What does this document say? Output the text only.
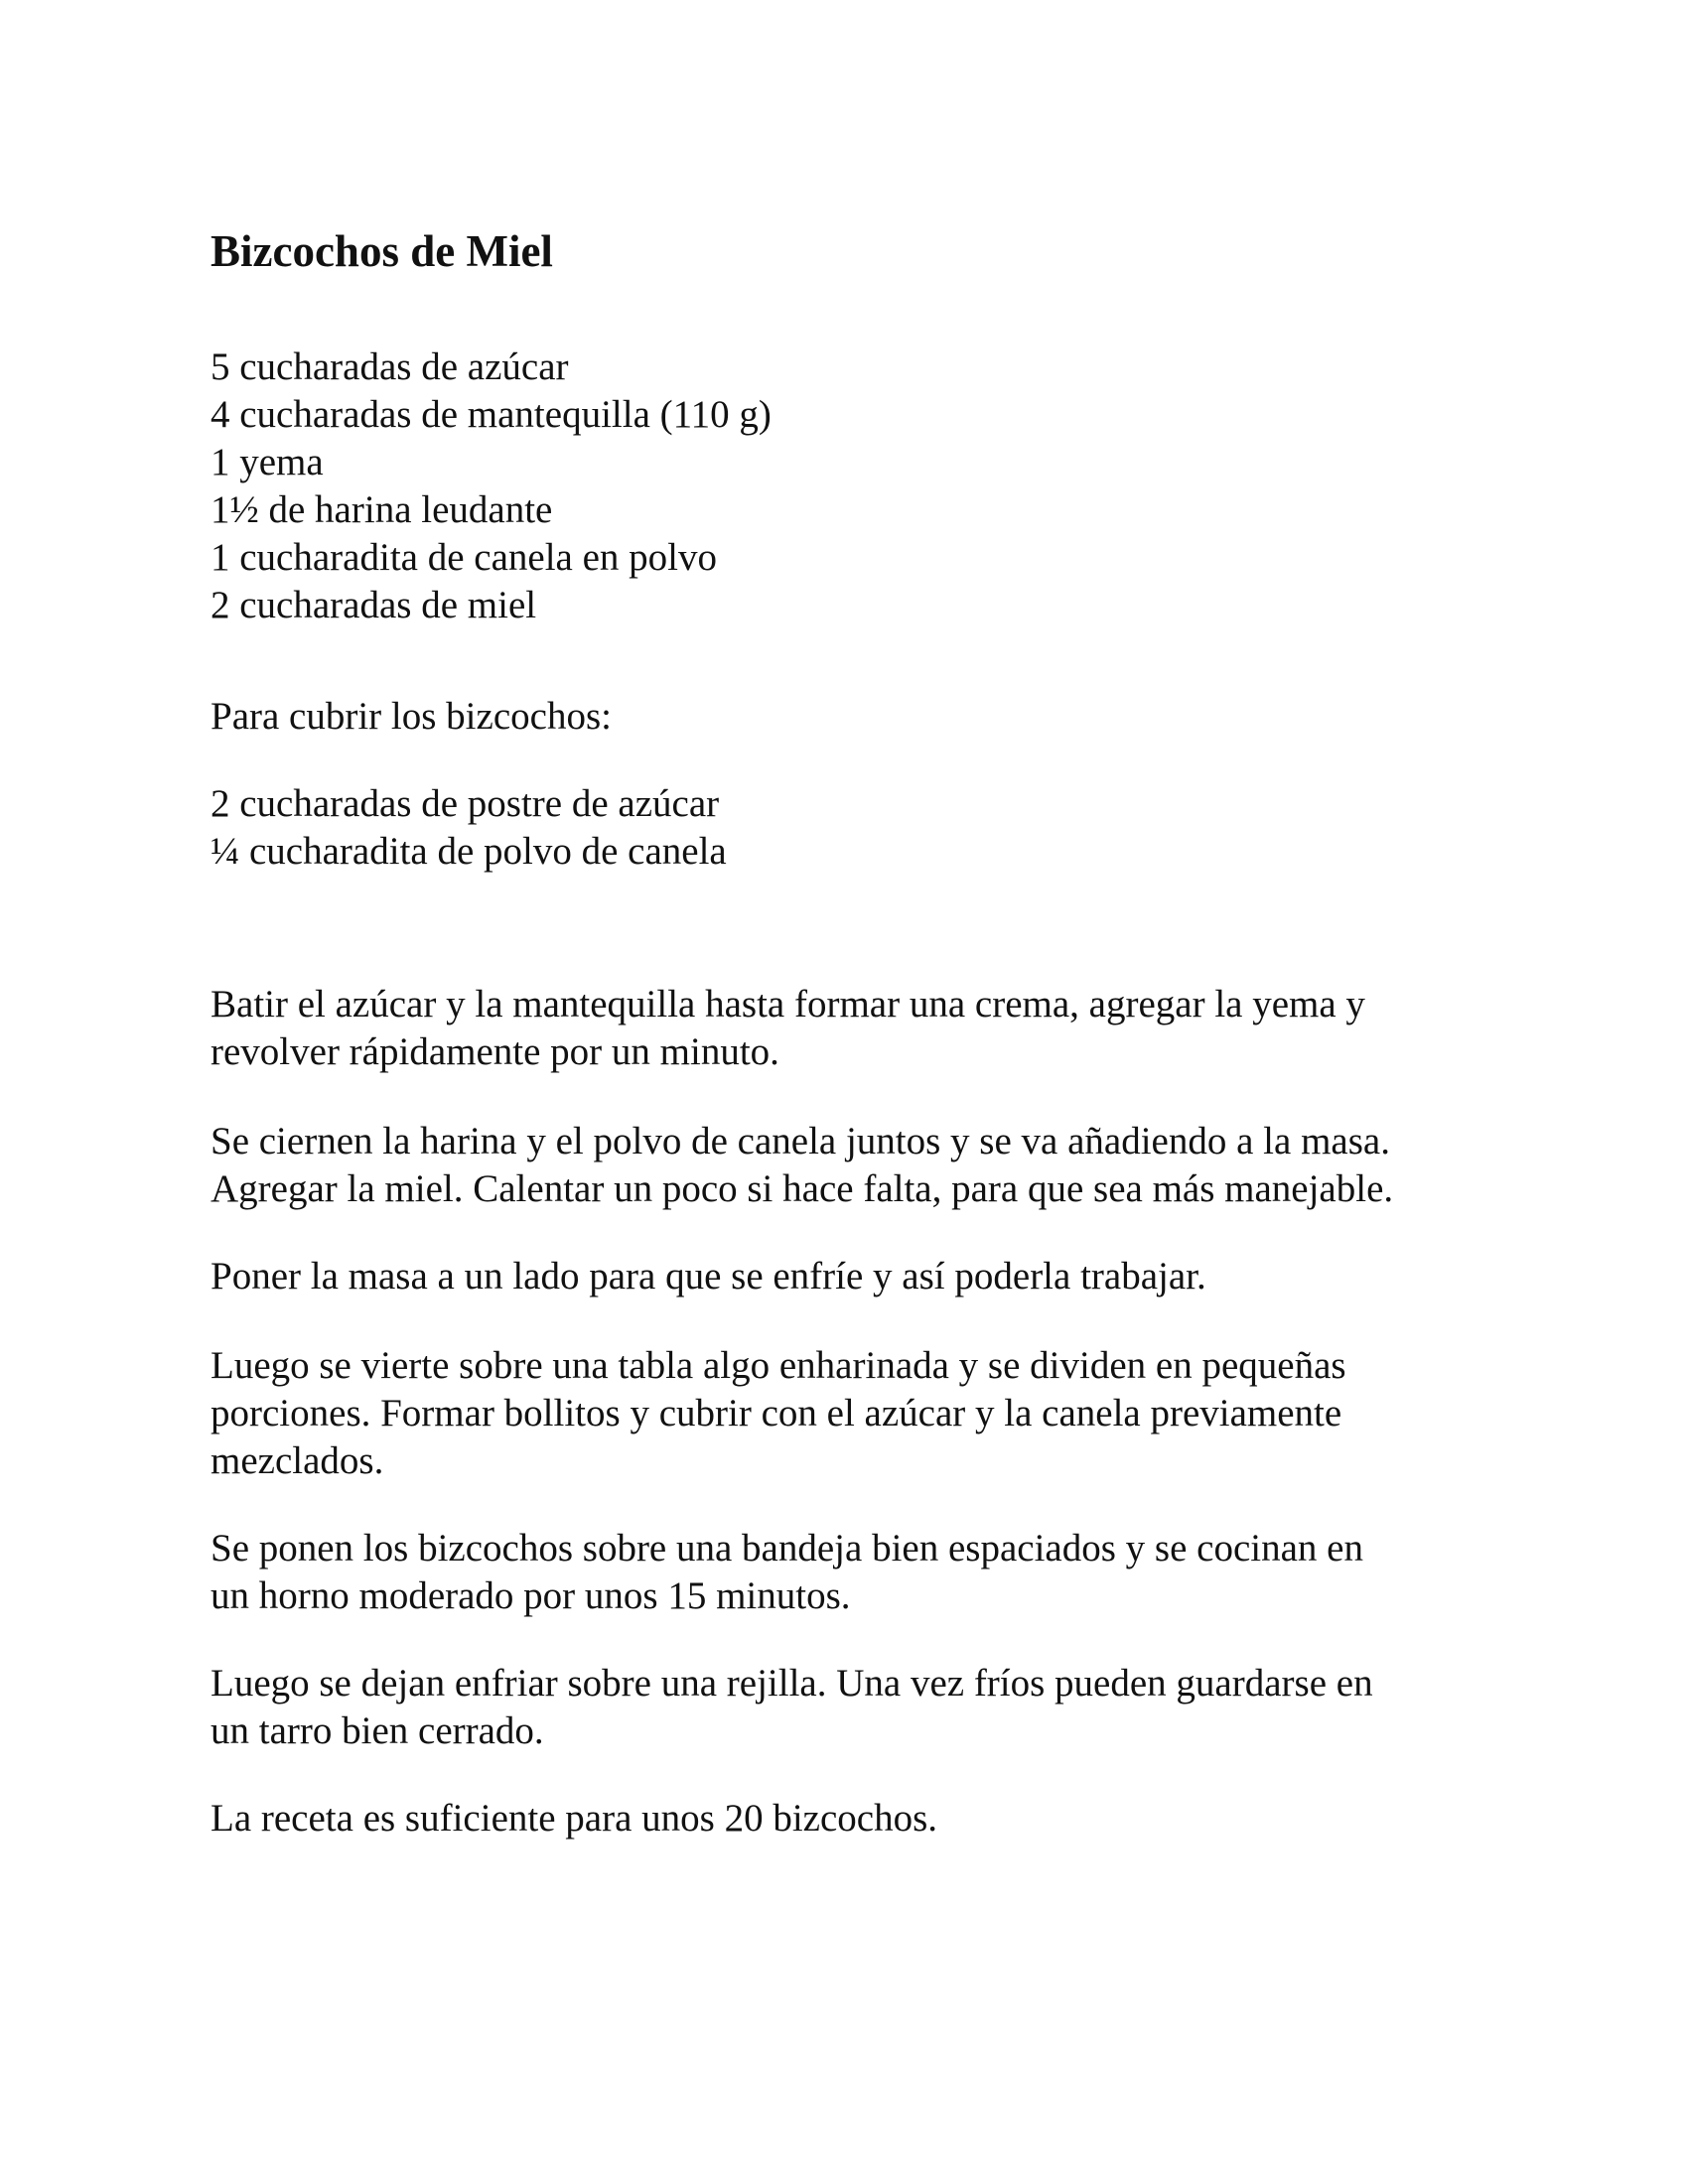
Bizcochos de Miel
5 cucharadas de azúcar
4 cucharadas de mantequilla (110 g)
1 yema
1½ de harina leudante
1 cucharadita de canela en polvo
2 cucharadas de miel

Para cubrir los bizcochos:

2 cucharadas de postre de azúcar
¼ cucharadita de polvo de canela

Batir el azúcar y la mantequilla hasta formar una crema, agregar la yema y
revolver rápidamente por un minuto.

Se ciernen la harina y el polvo de canela juntos y se va añadiendo a la masa.
Agregar la miel. Calentar un poco si hace falta, para que sea más manejable.

Poner la masa a un lado para que se enfríe y así poderla trabajar.

Luego se vierte sobre una tabla algo enharinada y se dividen en pequeñas
porciones. Formar bollitos y cubrir con el azúcar y la canela previamente
mezclados.

Se ponen los bizcochos sobre una bandeja bien espaciados y se cocinan en
un horno moderado por unos 15 minutos.

Luego se dejan enfriar sobre una rejilla. Una vez fríos pueden guardarse en
un tarro bien cerrado.

La receta es suficiente para unos 20 bizcochos.
